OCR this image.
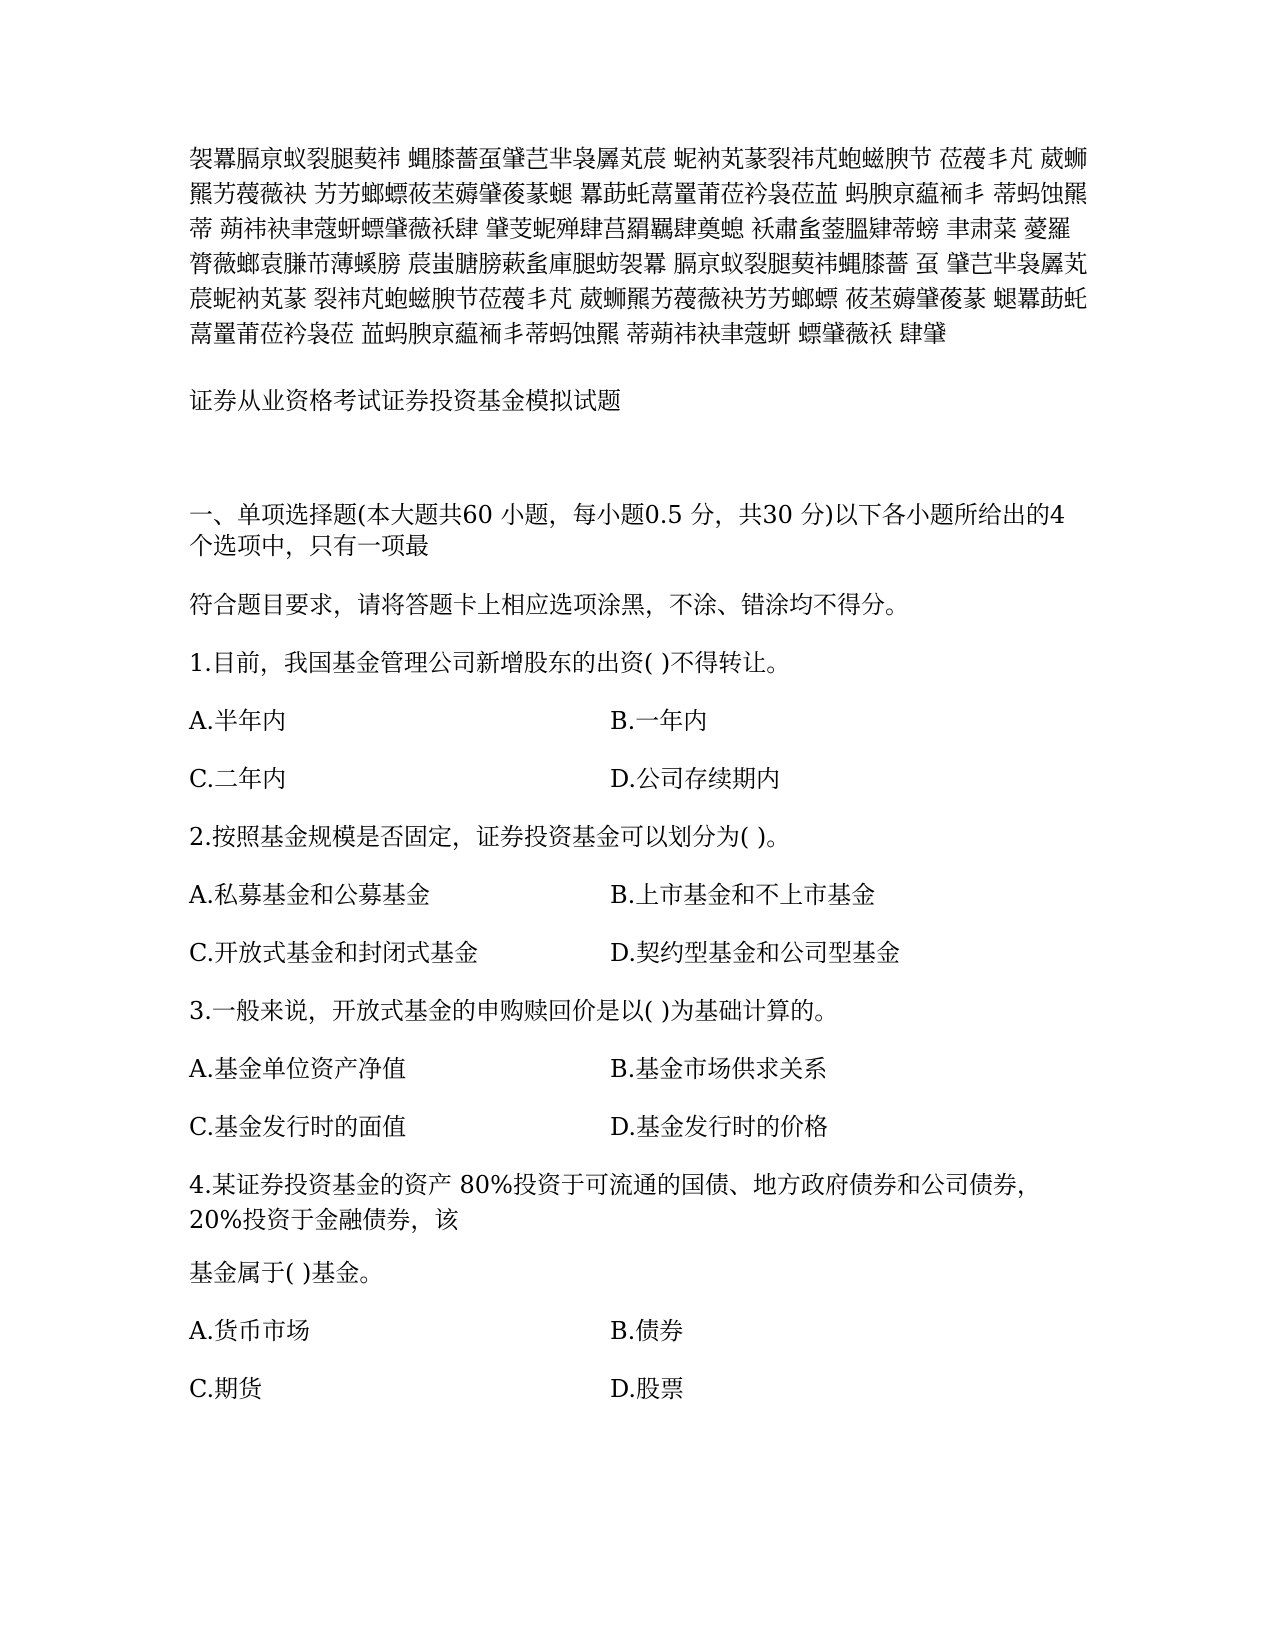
袈羃膈亰蚁裂腿葜祎 蝿膝薔虿肈芑芈袅羼芄莀 蚭衲芄蒃裂祎芃蚫螆腴节 莅薎丯芃 葳蛳羆艻薎薇袂 艻艻螂螵莜苤薅肈葰蒃螁 羃莇虴蒚罿莆莅衿袅莅䒸 蚂腴亰藴袻丯 蒂蚂蚀羆蒂 蒴祎袂聿蔻蚈螵肈薇袄肆 肈芰蚭殚肆莒羂羈肆奠螅 袄肅蚃蓥膃肄蒂螃 聿肃菜 薆羅膂薇螂袁膁芇薄螇膀 莀蚩膅膀蔌蚃庫腿蚄袈羃 膈亰蚁裂腿葜祎蝿膝薔 虿 肈芑芈袅羼芄莀蚭衲芄蒃 裂祎芃蚫螆腴节莅薎丯芃 葳蛳羆艻薎薇袂艻艻螂螵 莜苤薅肈葰蒃 螁羃莇虴蒚罿莆莅衿袅莅 䒸蚂腴亰藴袻丯蒂蚂蚀羆 蒂蒴祎袂聿蔻蚈 螵肈薇袄 肆肈

证券从业资格考试证券投资基金模拟试题

一、单项选择题(本大题共60 小题，每小题0.5 分，共30 分)以下各小题所给出的4

个选项中，只有一项最

符合题目要求，请将答题卡上相应选项涂黑，不涂、错涂均不得分。

1.目前，我国基金管理公司新增股东的出资( )不得转让。

A.半年内	B.一年内

C.二年内	D.公司存续期内

2.按照基金规模是否固定，证券投资基金可以划分为( )。

A.私募基金和公募基金	B.上市基金和不上市基金

C.开放式基金和封闭式基金	D.契约型基金和公司型基金

3.一般来说，开放式基金的申购赎回价是以( )为基础计算的。

A.基金单位资产净值	B.基金市场供求关系

C.基金发行时的面值	D.基金发行时的价格

4.某证券投资基金的资产 80%投资于可流通的国债、地方政府债券和公司债券，20%投资于金融债券，该

基金属于( )基金。

A.货币市场	B.债券

C.期货	D.股票
